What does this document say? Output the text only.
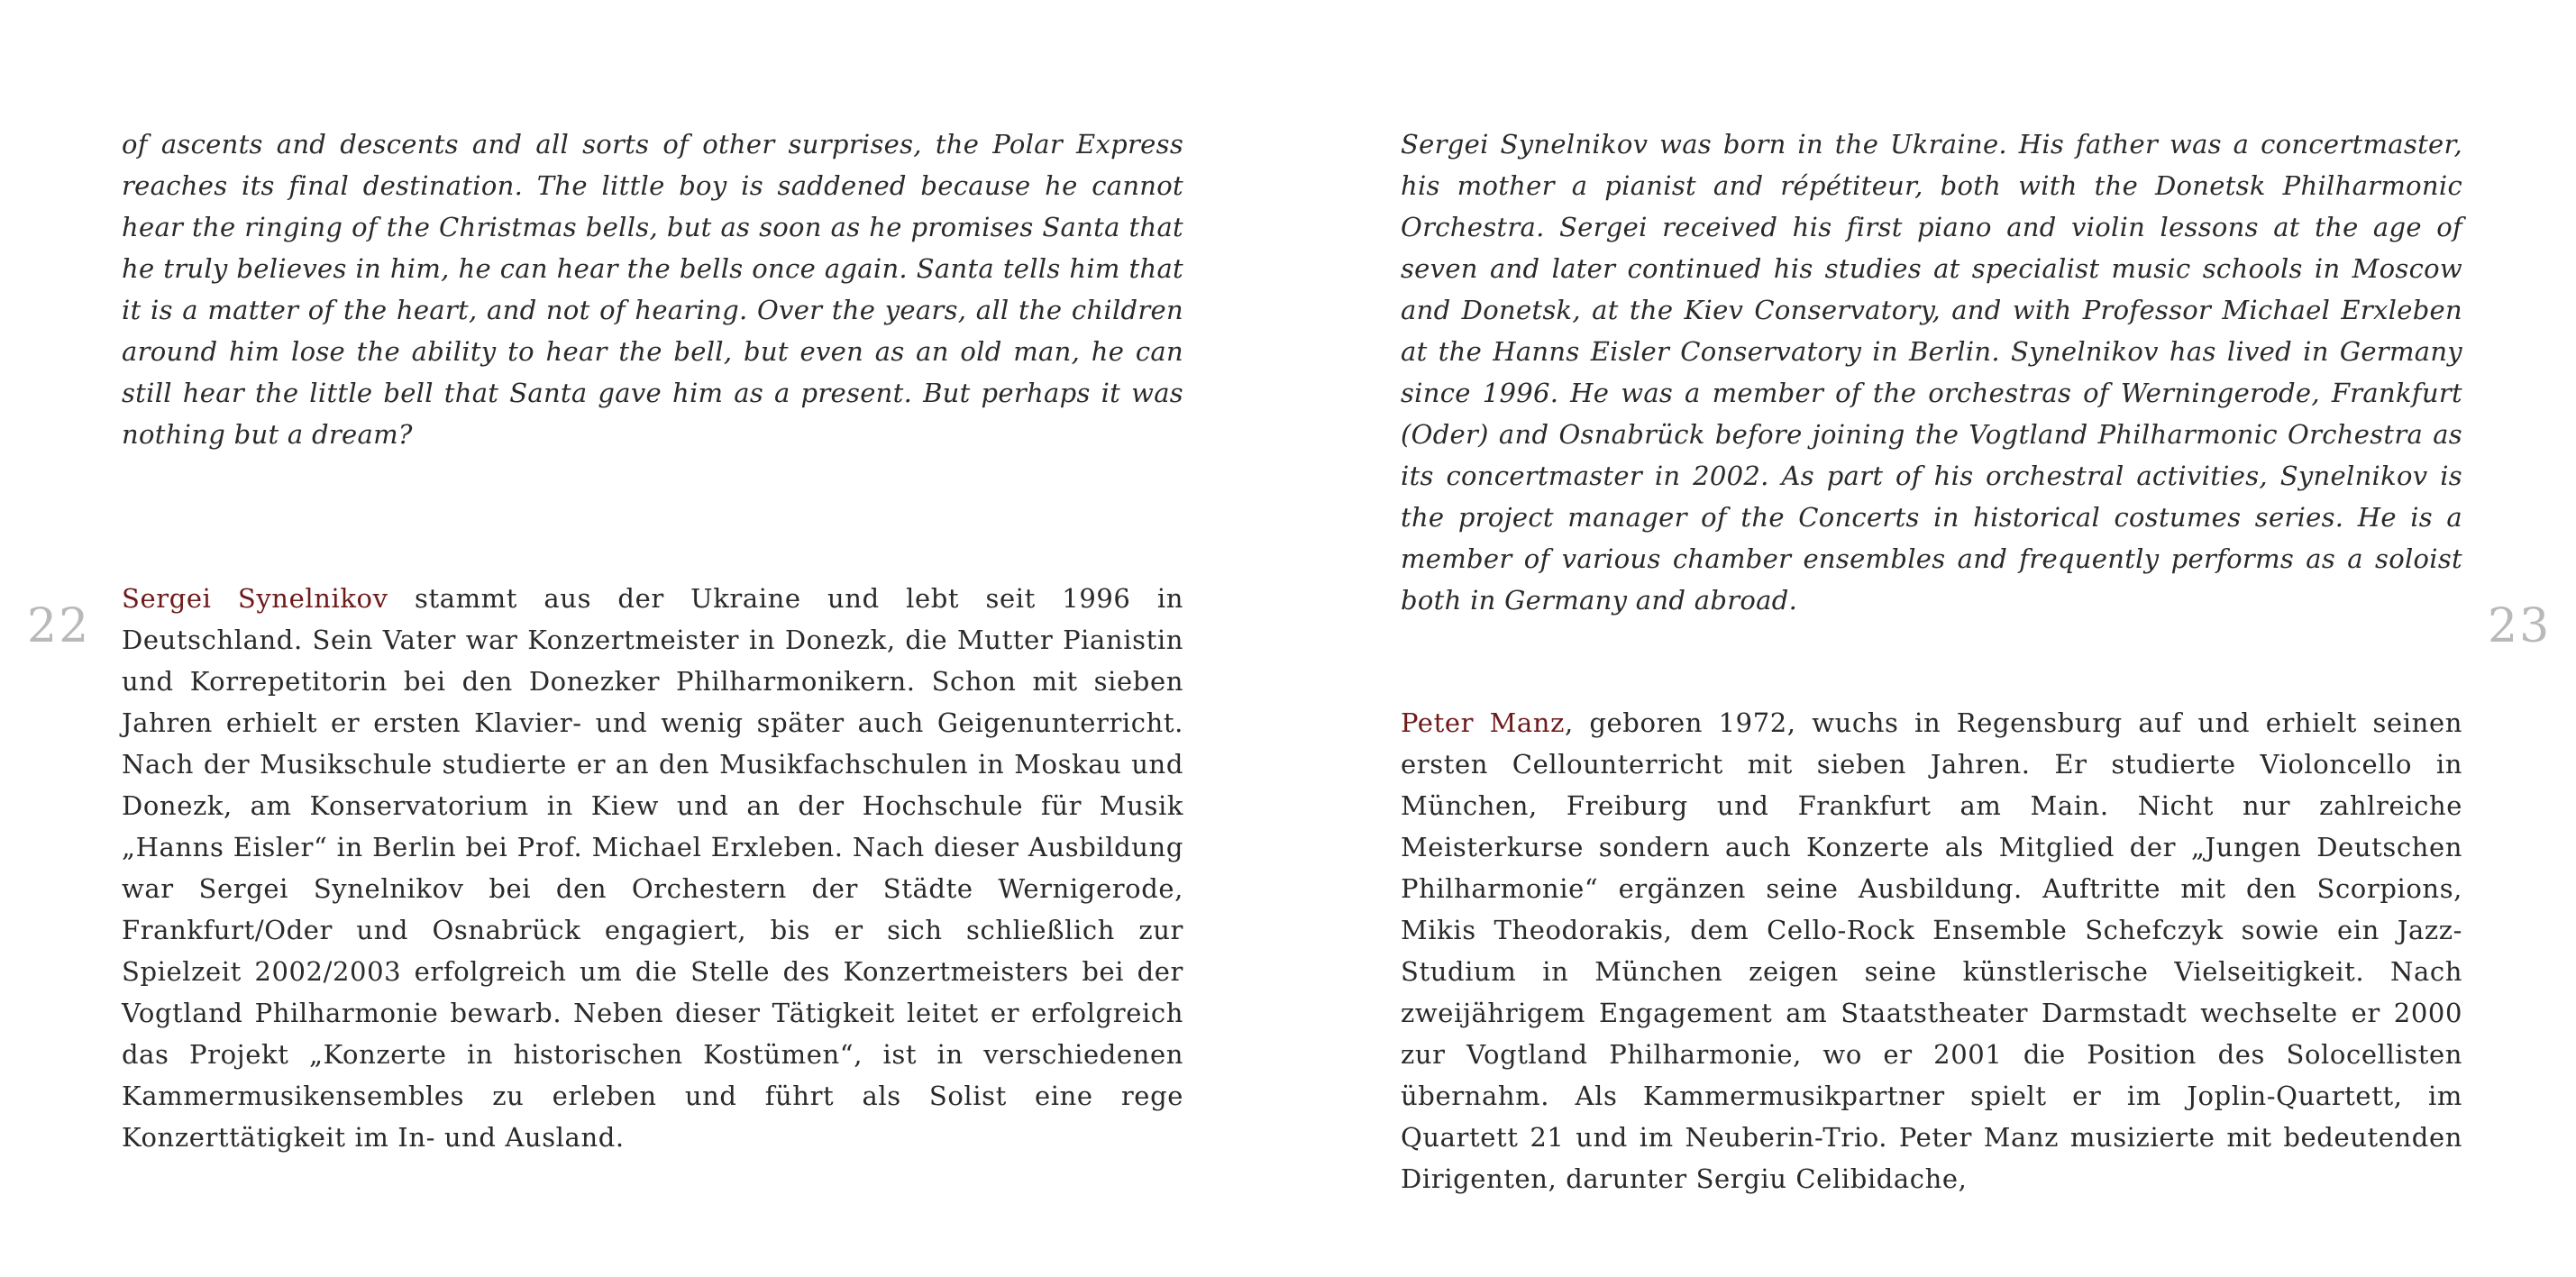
22	23

of ascents and descents and all sorts of other surprises, the Polar Express reaches its final destination. The little boy is saddened because he cannot hear the ringing of the Christmas bells, but as soon as he promises Santa that he truly believes in him, he can hear the bells once again. Santa tells him that it is a matter of the heart, and not of hearing. Over the years, all the children around him lose the ability to hear the bell, but even as an old man, he can still hear the little bell that Santa gave him as a present. But perhaps it was nothing but a dream?

Sergei Synelnikov stammt aus der Ukraine und lebt seit 1996 in Deutschland. Sein Vater war Konzertmeister in Donezk, die Mutter Pianistin und Korrepetitorin bei den Donezker Philharmonikern. Schon mit sieben Jahren erhielt er ersten Klavier- und wenig später auch Geigenunterricht. Nach der Musikschule studierte er an den Musikfachschulen in Moskau und Donezk, am Konservatorium in Kiew und an der Hochschule für Musik „Hanns Eisler“ in Berlin bei Prof. Michael Erxleben. Nach dieser Ausbildung war Sergei Synelnikov bei den Orchestern der Städte Wernigerode, Frankfurt/Oder und Osnabrück engagiert, bis er sich schließlich zur Spielzeit 2002/2003 erfolgreich um die Stelle des Konzertmeisters bei der Vogtland Philharmonie bewarb. Neben dieser Tätigkeit leitet er erfolgreich das Projekt „Konzerte in historischen Kostümen“, ist in verschiedenen Kammermusikensembles zu erleben und führt als Solist eine rege Konzerttätigkeit im In- und Ausland.

Sergei Synelnikov was born in the Ukraine. His father was a concertmaster, his mother a pianist and répétiteur, both with the Donetsk Philharmonic Orchestra. Sergei received his first piano and violin lessons at the age of seven and later continued his studies at specialist music schools in Moscow and Donetsk, at the Kiev Conservatory, and with Professor Michael Erxleben at the Hanns Eisler Conservatory in Berlin. Synelnikov has lived in Germany since 1996. He was a member of the orchestras of Werningerode, Frankfurt (Oder) and Osnabrück before joining the Vogtland Philharmonic Orchestra as its concertmaster in 2002. As part of his orchestral activities, Synelnikov is the project manager of the Concerts in historical costumes series. He is a member of various chamber ensembles and frequently performs as a soloist both in Germany and abroad.

Peter Manz, geboren 1972, wuchs in Regensburg auf und erhielt seinen ersten Cellounterricht mit sieben Jahren. Er studierte Violoncello in München, Freiburg und Frankfurt am Main. Nicht nur zahlreiche Meisterkurse sondern auch Konzerte als Mitglied der „Jungen Deutschen Philharmonie“ ergänzen seine Ausbildung. Auftritte mit den Scorpions, Mikis Theodorakis, dem Cello-Rock Ensemble Schefczyk sowie ein Jazz-Studium in München zeigen seine künstlerische Vielseitigkeit. Nach zweijährigem Engagement am Staatstheater Darmstadt wechselte er 2000 zur Vogtland Philharmonie, wo er 2001 die Position des Solocellisten übernahm. Als Kammermusikpartner spielt er im Joplin-Quartett, im Quartett 21 und im Neuberin-Trio. Peter Manz musizierte mit bedeutenden Dirigenten, darunter Sergiu Celibidache,
